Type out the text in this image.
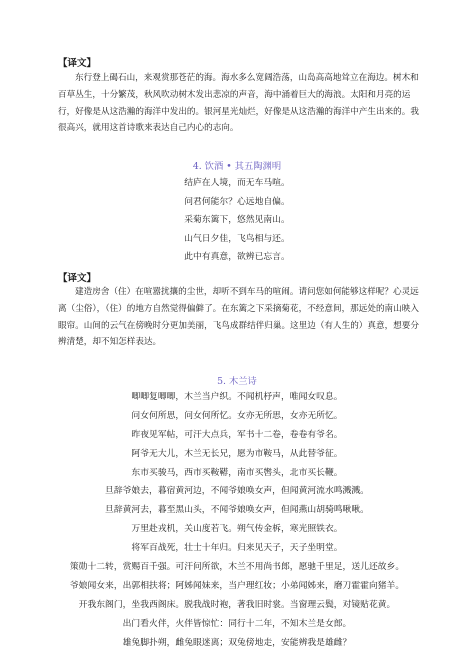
【译文】

东行登上碣石山，来观赏那苍茫的海。海水多么宽阔浩荡，山岛高高地耸立在海边。树木和百草丛生，十分繁茂，秋风吹动树木发出悲凉的声音，海中涌着巨大的海浪。太阳和月亮的运行，好像是从这浩瀚的海洋中发出的。银河星光灿烂，好像是从这浩瀚的海洋中产生出来的。我很高兴，就用这首诗歌来表达自己内心的志向。

4. 饮酒 • 其五陶渊明
结庐在人境，而无车马喧。
问君何能尔？心远地自偏。
采菊东篱下，悠然见南山。
山气日夕佳，飞鸟相与还。
此中有真意，欲辨已忘言。
【译文】

建造房舍（住）在喧嚣扰攘的尘世，却听不到车马的喧闹。请问您如何能够这样呢？心灵远离（尘俗），（住）的地方自然觉得偏僻了。在东篱之下采摘菊花，不经意间，那远处的南山映入眼帘。山间的云气在傍晚时分更加美丽，飞鸟成群结伴归巢。这里边（有人生的）真意，想要分辨清楚，却不知怎样表达。

5. 木兰诗
唧唧复唧唧，木兰当户织。不闻机杼声，唯闻女叹息。
问女何所思，问女何所忆。女亦无所思，女亦无所忆。
昨夜见军帖，可汗大点兵，军书十二卷，卷卷有爷名。
阿爷无大儿，木兰无长兄，愿为市鞍马，从此替爷征。
东市买骏马，西市买鞍鞯，南市买辔头，北市买长鞭。
旦辞爷娘去，暮宿黄河边，不闻爷娘唤女声，但闻黄河流水鸣溅溅。
旦辞黄河去，暮至黑山头，不闻爷娘唤女声，但闻燕山胡骑鸣啾啾。
万里赴戎机，关山度若飞。朔气传金柝，寒光照铁衣。
将军百战死，壮士十年归。归来见天子，天子坐明堂。
策勋十二转，赏赐百千强。可汗问所欲，木兰不用尚书郎，愿驰千里足，送儿还故乡。
爷娘闻女来，出郭相扶将；阿姊闻妹来，当户理红妆；小弟闻姊来，磨刀霍霍向猪羊。
开我东阁门，坐我西阁床。脱我战时袍，著我旧时裳。当窗理云鬓，对镜贴花黄。
出门看火伴，火伴皆惊忙：同行十二年，不知木兰是女郎。
雄兔脚扑朔，雌兔眼迷离；双兔傍地走，安能辨我是雄雌？
